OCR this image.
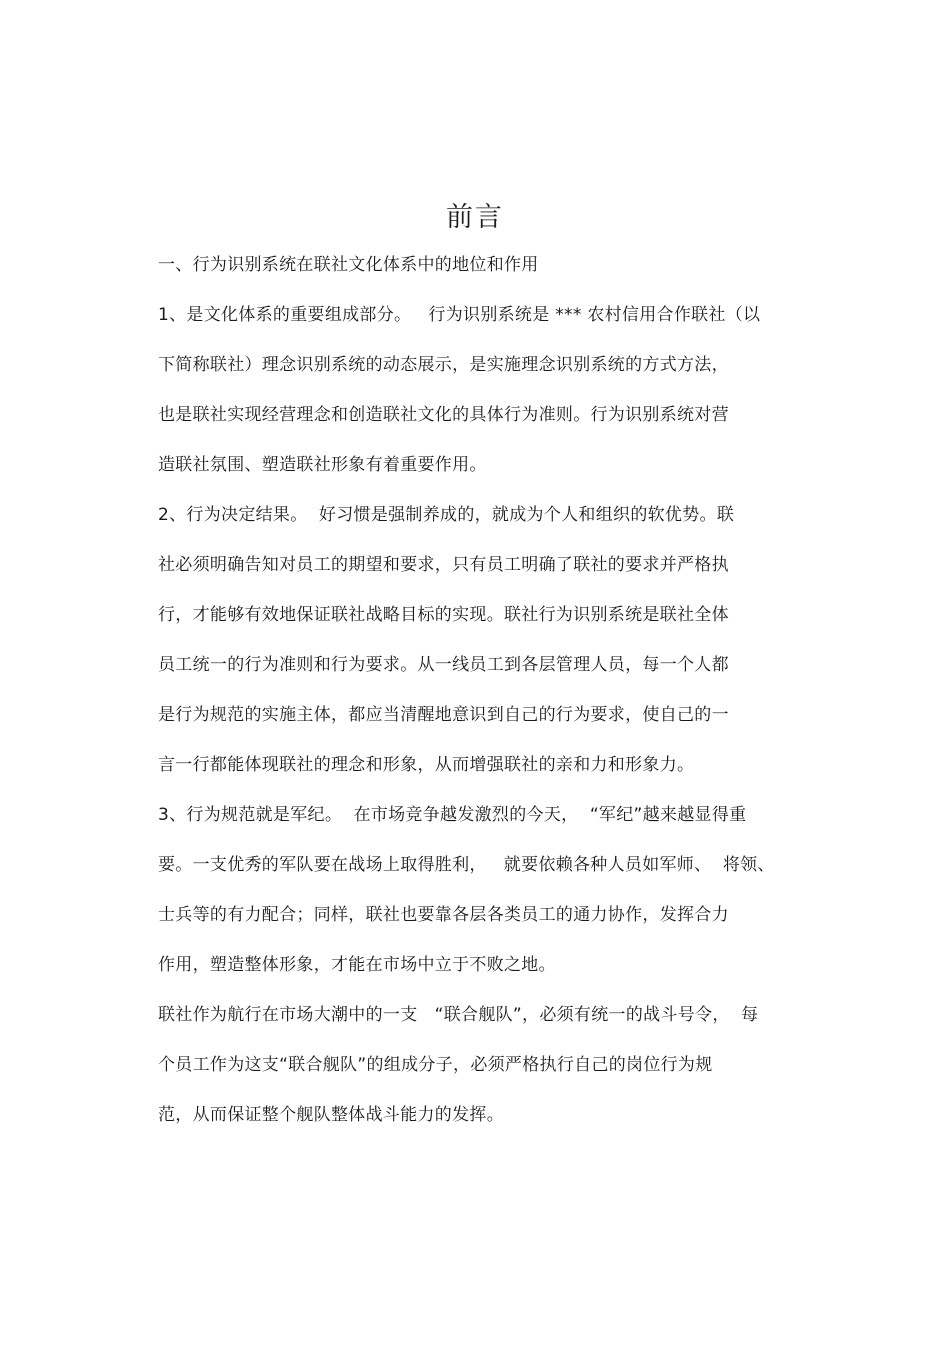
前言
一、行为识别系统在联社文化体系中的地位和作用
1、是文化体系的重要组成部分。   行为识别系统是 *** 农村信用合作联社（以
下简称联社）理念识别系统的动态展示，是实施理念识别系统的方式方法，
也是联社实现经营理念和创造联社文化的具体行为准则。行为识别系统对营
造联社氛围、塑造联社形象有着重要作用。
2、行为决定结果。  好习惯是强制养成的，就成为个人和组织的软优势。联
社必须明确告知对员工的期望和要求，只有员工明确了联社的要求并严格执
行，才能够有效地保证联社战略目标的实现。联社行为识别系统是联社全体
员工统一的行为准则和行为要求。从一线员工到各层管理人员，每一个人都
是行为规范的实施主体，都应当清醒地意识到自己的行为要求，使自己的一
言一行都能体现联社的理念和形象，从而增强联社的亲和力和形象力。
3、行为规范就是军纪。  在市场竞争越发激烈的今天，  “军纪”越来越显得重
要。一支优秀的军队要在战场上取得胜利，   就要依赖各种人员如军师、  将领、
士兵等的有力配合；同样，联社也要靠各层各类员工的通力协作，发挥合力
作用，塑造整体形象，才能在市场中立于不败之地。
联社作为航行在市场大潮中的一支   “联合舰队”，必须有统一的战斗号令，  每
个员工作为这支“联合舰队”的组成分子，必须严格执行自己的岗位行为规
范，从而保证整个舰队整体战斗能力的发挥。
